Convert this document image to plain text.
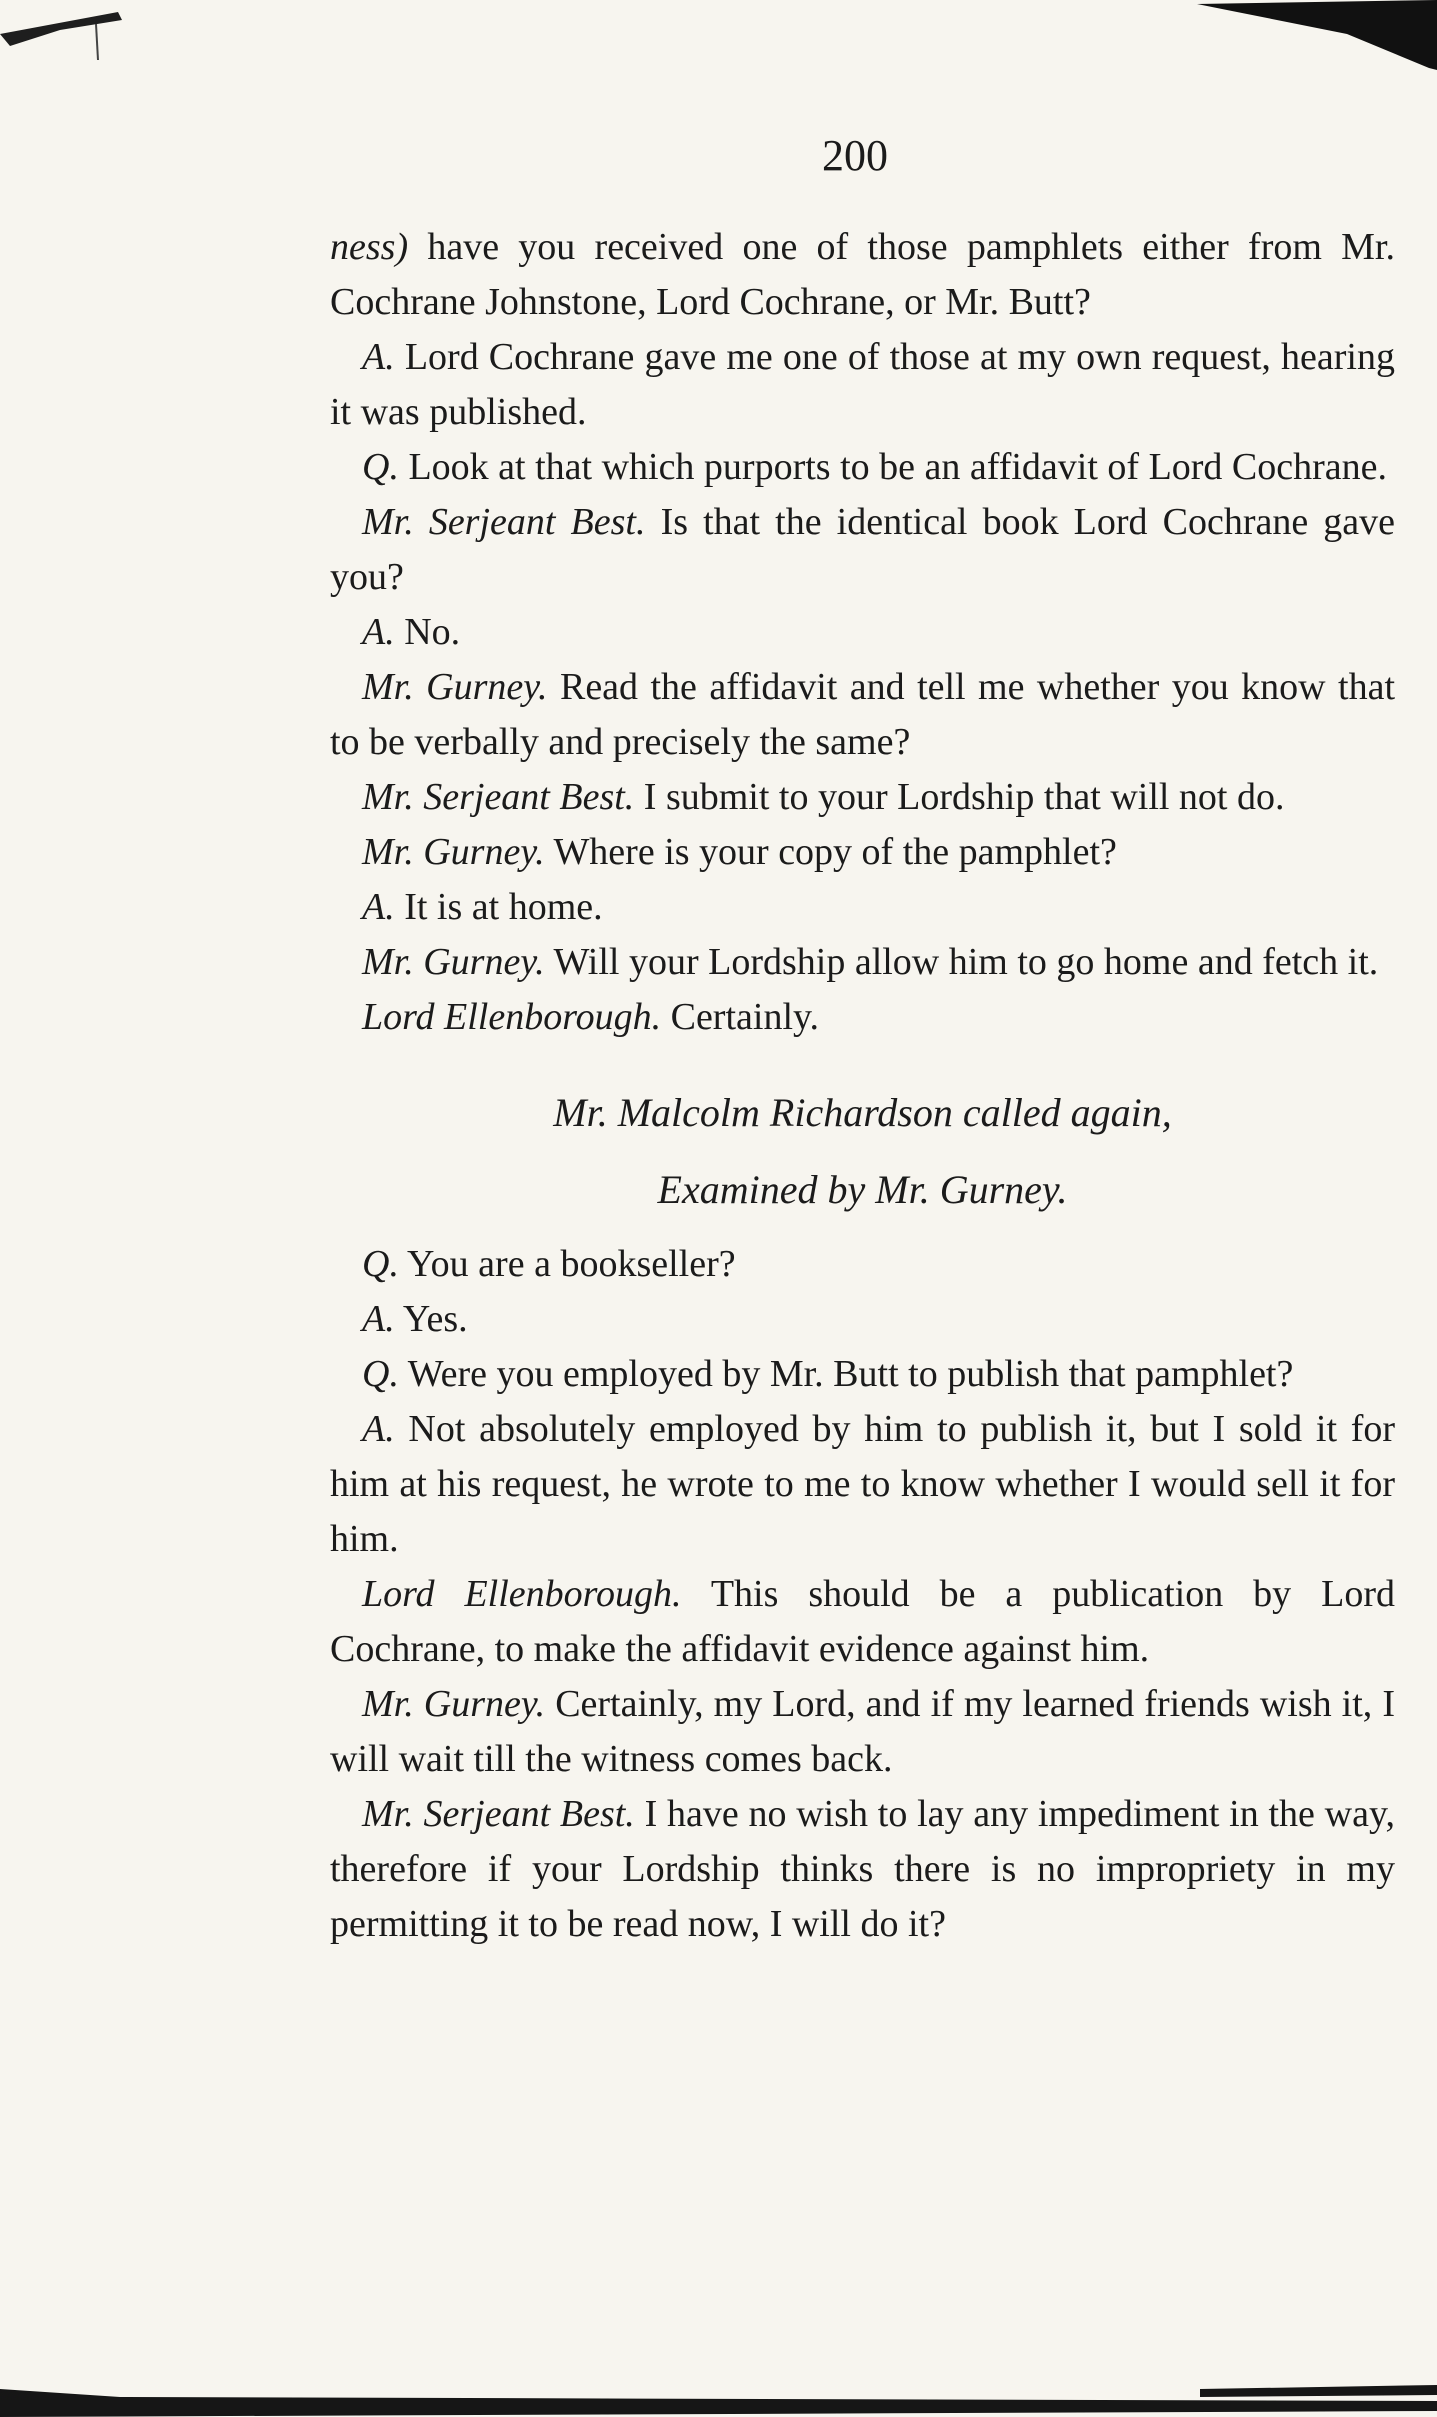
200

ness) have you received one of those pamphlets either from Mr. Cochrane Johnstone, Lord Cochrane, or Mr. Butt?

A. Lord Cochrane gave me one of those at my own request, hearing it was published.

Q. Look at that which purports to be an affidavit of Lord Cochrane.

Mr. Serjeant Best. Is that the identical book Lord Cochrane gave you?

A. No.

Mr. Gurney. Read the affidavit and tell me whether you know that to be verbally and precisely the same?

Mr. Serjeant Best. I submit to your Lordship that will not do.

Mr. Gurney. Where is your copy of the pamphlet?

A. It is at home.

Mr. Gurney. Will your Lordship allow him to go home and fetch it.

Lord Ellenborough. Certainly.

Mr. Malcolm Richardson called again,

Examined by Mr. Gurney.

Q. You are a bookseller?

A. Yes.

Q. Were you employed by Mr. Butt to publish that pamphlet?

A. Not absolutely employed by him to publish it, but I sold it for him at his request, he wrote to me to know whether I would sell it for him.

Lord Ellenborough. This should be a publication by Lord Cochrane, to make the affidavit evidence against him.

Mr. Gurney. Certainly, my Lord, and if my learned friends wish it, I will wait till the witness comes back.

Mr. Serjeant Best. I have no wish to lay any impediment in the way, therefore if your Lordship thinks there is no impropriety in my permitting it to be read now, I will do it?
